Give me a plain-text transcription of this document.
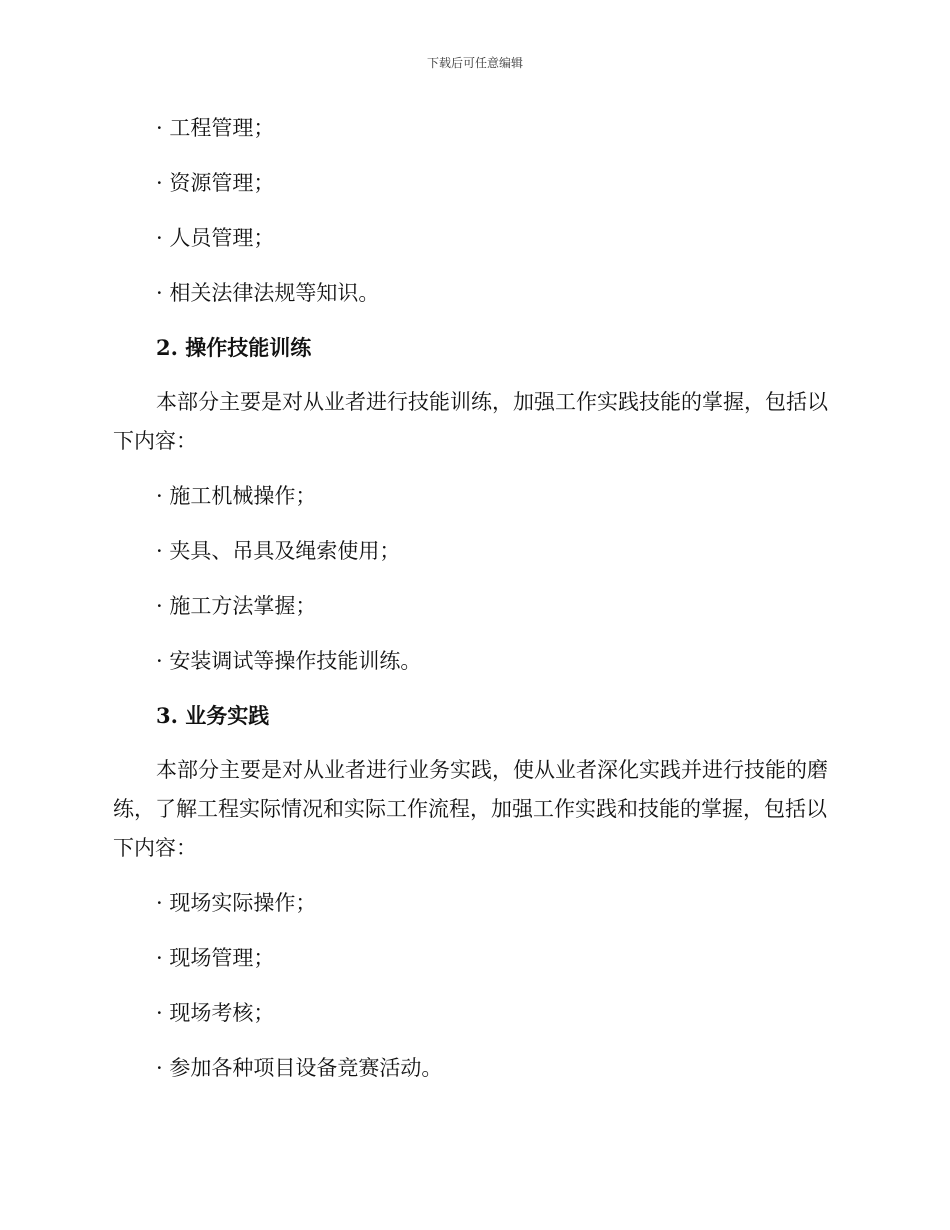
下载后可任意编辑
· 工程管理；
· 资源管理；
· 人员管理；
· 相关法律法规等知识。
2. 操作技能训练
本部分主要是对从业者进行技能训练，加强工作实践技能的掌握，包括以下内容：
· 施工机械操作；
· 夹具、吊具及绳索使用；
· 施工方法掌握；
· 安装调试等操作技能训练。
3. 业务实践
本部分主要是对从业者进行业务实践，使从业者深化实践并进行技能的磨练，了解工程实际情况和实际工作流程，加强工作实践和技能的掌握，包括以下内容：
· 现场实际操作；
· 现场管理；
· 现场考核；
· 参加各种项目设备竞赛活动。
